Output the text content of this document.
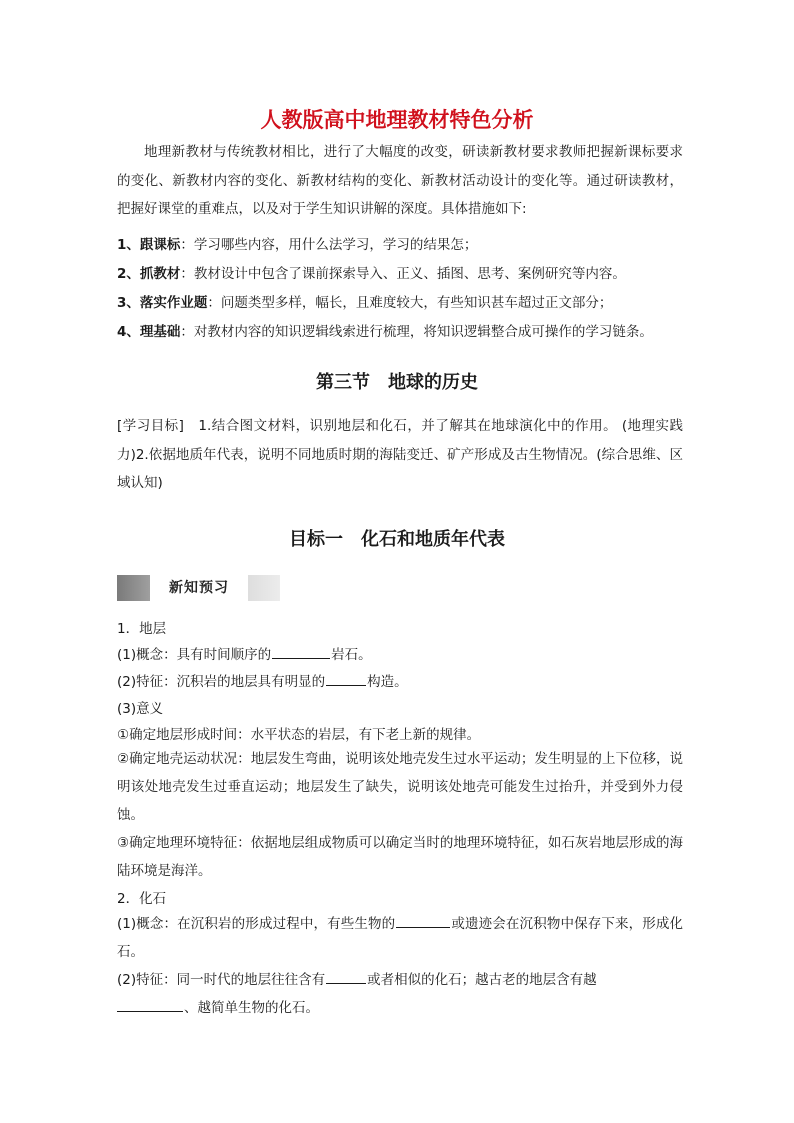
人教版高中地理教材特色分析
地理新教材与传统教材相比，进行了大幅度的改变，研读新教材要求教师把握新课标要求的变化、新教材内容的变化、新教材结构的变化、新教材活动设计的变化等。通过研读教材，把握好课堂的重难点，以及对于学生知识讲解的深度。具体措施如下:
1、跟课标：学习哪些内容，用什么法学习，学习的结果怎；
2、抓教材：教材设计中包含了课前探索导入、正义、插图、思考、案例研究等内容。
3、落实作业题：问题类型多样，幅长，且难度较大，有些知识甚车超过正文部分；
4、理基础：对教材内容的知识逻辑线索进行梳理，将知识逻辑整合成可操作的学习链条。
第三节　地球的历史
[学习目标]　1.结合图文材料，识别地层和化石，并了解其在地球演化中的作用。 (地理实践力)2.依据地质年代表，说明不同地质时期的海陆变迁、矿产形成及古生物情况。(综合思维、区域认知)
目标一　化石和地质年代表
新知预习
1．地层
(1)概念：具有时间顺序的	岩石。
(2)特征：沉积岩的地层具有明显的	构造。
(3)意义
①确定地层形成时间：水平状态的岩层，有下老上新的规律。
②确定地壳运动状况：地层发生弯曲，说明该处地壳发生过水平运动；发生明显的上下位移，说明该处地壳发生过垂直运动；地层发生了缺失，说明该处地壳可能发生过抬升，并受到外力侵蚀。
③确定地理环境特征：依据地层组成物质可以确定当时的地理环境特征，如石灰岩地层形成的海陆环境是海洋。
2．化石
(1)概念：在沉积岩的形成过程中，有些生物的	或遗迹会在沉积物中保存下来，形成化石。
(2)特征：同一时代的地层往往含有	或者相似的化石；越古老的地层含有越
、越简单生物的化石。
